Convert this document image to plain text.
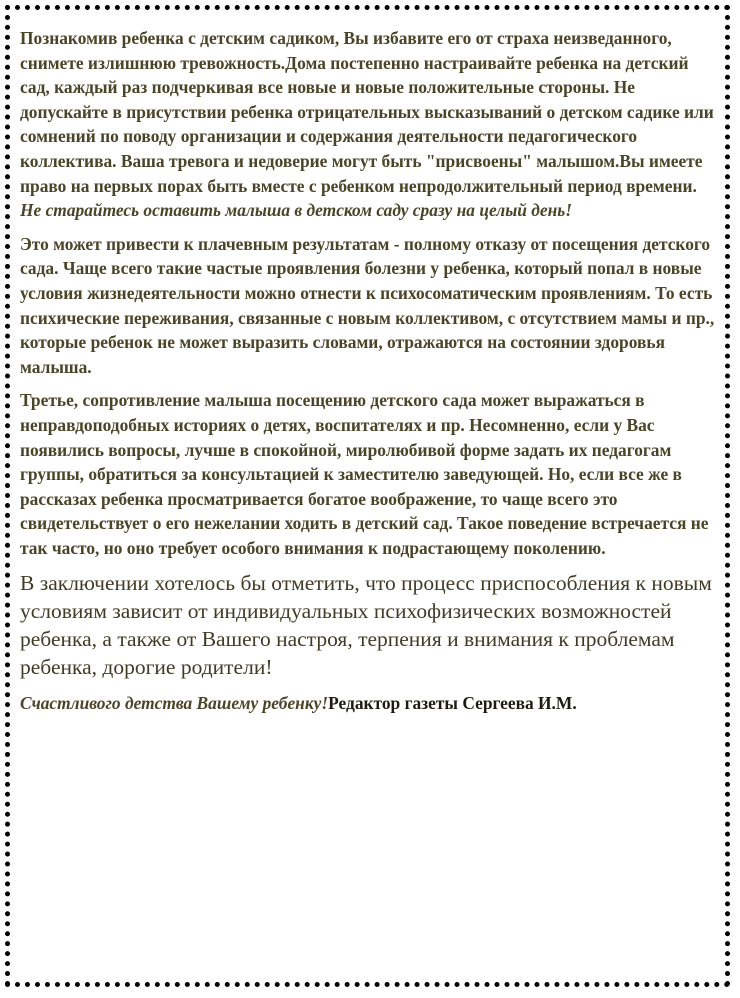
Познакомив ребенка с детским садиком, Вы избавите его от страха неизведанного, снимете излишнюю тревожность.Дома постепенно настраивайте ребенка на детский сад, каждый раз подчеркивая все новые и новые положительные стороны. Не допускайте в присутствии ребенка отрицательных высказываний о детском садике или сомнений по поводу организации и содержания деятельности педагогического коллектива. Ваша тревога и недоверие могут быть "присвоены" малышом.Вы имеете право на первых порах быть вместе с ребенком непродолжительный период времени. Не старайтесь оставить малыша в детском саду сразу на целый день!

Это может привести к плачевным результатам - полному отказу от посещения детского сада. Чаще всего такие частые проявления болезни у ребенка, который попал в новые условия жизнедеятельности можно отнести к психосоматическим проявлениям. То есть психические переживания, связанные с новым коллективом, с отсутствием мамы и пр., которые ребенок не может выразить словами, отражаются на состоянии здоровья малыша.

Третье, сопротивление малыша посещению детского сада может выражаться в неправдоподобных историях о детях, воспитателях и пр. Несомненно, если у Вас появились вопросы, лучше в спокойной, миролюбивой форме задать их педагогам группы, обратиться за консультацией к заместителю заведующей. Но, если все же в рассказах ребенка просматривается богатое воображение, то чаще всего это свидетельствует о его нежелании ходить в детский сад. Такое поведение встречается не так часто, но оно требует особого внимания к подрастающему поколению.

В заключении хотелось бы отметить, что процесс приспособления к новым условиям зависит от индивидуальных психофизических возможностей ребенка, а также от Вашего настроя, терпения и внимания к проблемам ребенка, дорогие родители!

Счастливого детства Вашему ребенку!Редактор газеты Сергеева И.М.
